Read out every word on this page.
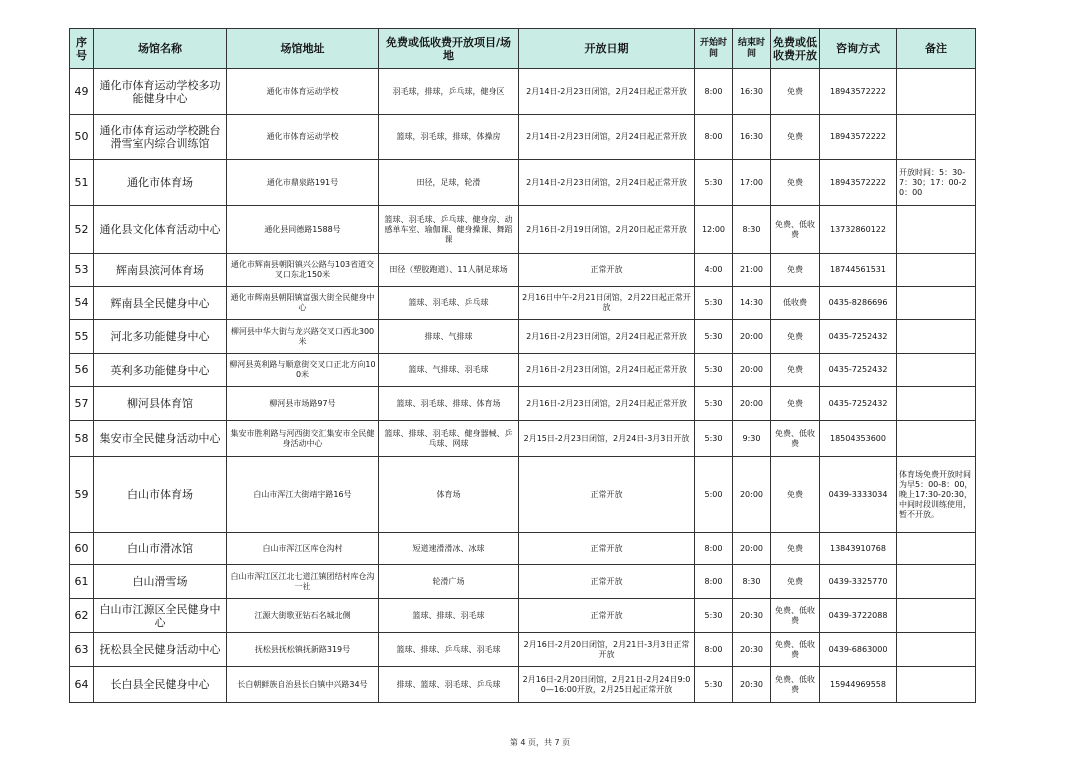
序号	场馆名称	场馆地址	免费或低收费开放项目/场地	开放日期	开始时间	结束时间	免费或低收费开放	咨询方式	备注
49	通化市体育运动学校多功能健身中心	通化市体育运动学校	羽毛球，排球，乒乓球，健身区	2月14日-2月23日闭馆，2月24日起正常开放	8:00	16:30	免费	18943572222	
50	通化市体育运动学校跳台滑雪室内综合训练馆	通化市体育运动学校	篮球，羽毛球，排球，体操房	2月14日-2月23日闭馆，2月24日起正常开放	8:00	16:30	免费	18943572222	
51	通化市体育场	通化市鼎泉路191号	田径，足球，轮滑	2月14日-2月23日闭馆，2月24日起正常开放	5:30	17:00	免费	18943572222	开放时间：5：30-7：30；17：00-20：00
52	通化县文化体育活动中心	通化县同德路1588号	篮球、羽毛球、乒乓球、健身房、动感单车室、瑜伽课、健身操课、舞蹈课	2月16日-2月19日闭馆，2月20日起正常开放	12:00	8:30	免费、低收费	13732860122	
53	辉南县滨河体育场	通化市辉南县朝阳镇兴公路与103省道交叉口东北150米	田径（塑胶跑道）、11人制足球场	正常开放	4:00	21:00	免费	18744561531	
54	辉南县全民健身中心	通化市辉南县朝阳镇富强大街全民健身中心	篮球、羽毛球、乒乓球	2月16日中午-2月21日闭馆，2月22日起正常开放	5:30	14:30	低收费	0435-8286696	
55	河北多功能健身中心	柳河县中华大街与龙兴路交叉口西北300米	排球、气排球	2月16日-2月23日闭馆，2月24日起正常开放	5:30	20:00	免费	0435-7252432	
56	英利多功能健身中心	柳河县英利路与顺意街交叉口正北方向100米	篮球、气排球、羽毛球	2月16日-2月23日闭馆，2月24日起正常开放	5:30	20:00	免费	0435-7252432	
57	柳河县体育馆	柳河县市场路97号	篮球、羽毛球、排球、体育场	2月16日-2月23日闭馆，2月24日起正常开放	5:30	20:00	免费	0435-7252432	
58	集安市全民健身活动中心	集安市胜利路与河西街交汇集安市全民健身活动中心	篮球、排球、羽毛球、健身器械、乒乓球、网球	2月15日-2月23日闭馆，2月24日-3月3日开放	5:30	9:30	免费、低收费	18504353600	
59	白山市体育场	白山市浑江大街靖宇路16号	体育场	正常开放	5:00	20:00	免费	0439-3333034	体育场免费开放时间为早5：00-8：00，晚上17:30-20:30，中间时段训练使用，暂不开放。
60	白山市滑冰馆	白山市浑江区库仓沟村	短道速滑滑冰、冰球	正常开放	8:00	20:00	免费	13843910768	
61	白山滑雪场	白山市浑江区江北七道江镇团结村库仓沟一社	轮滑广场	正常开放	8:00	8:30	免费	0439-3325770	
62	白山市江源区全民健身中心	江源大街歌亚钻石名城北侧	篮球、排球、羽毛球	正常开放	5:30	20:30	免费、低收费	0439-3722088	
63	抚松县全民健身活动中心	抚松县抚松镇抚新路319号	篮球、排球、乒乓球、羽毛球	2月16日-2月20日闭馆，2月21日-3月3日正常开放	8:00	20:30	免费、低收费	0439-6863000	
64	长白县全民健身中心	长白朝鲜族自治县长白镇中兴路34号	排球、篮球、羽毛球、乒乓球	2月16日-2月20日闭馆，2月21日-2月24日9:00—16:00开放，2月25日起正常开放	5:30	20:30	免费、低收费	15944969558	
第 4 页，共 7 页
